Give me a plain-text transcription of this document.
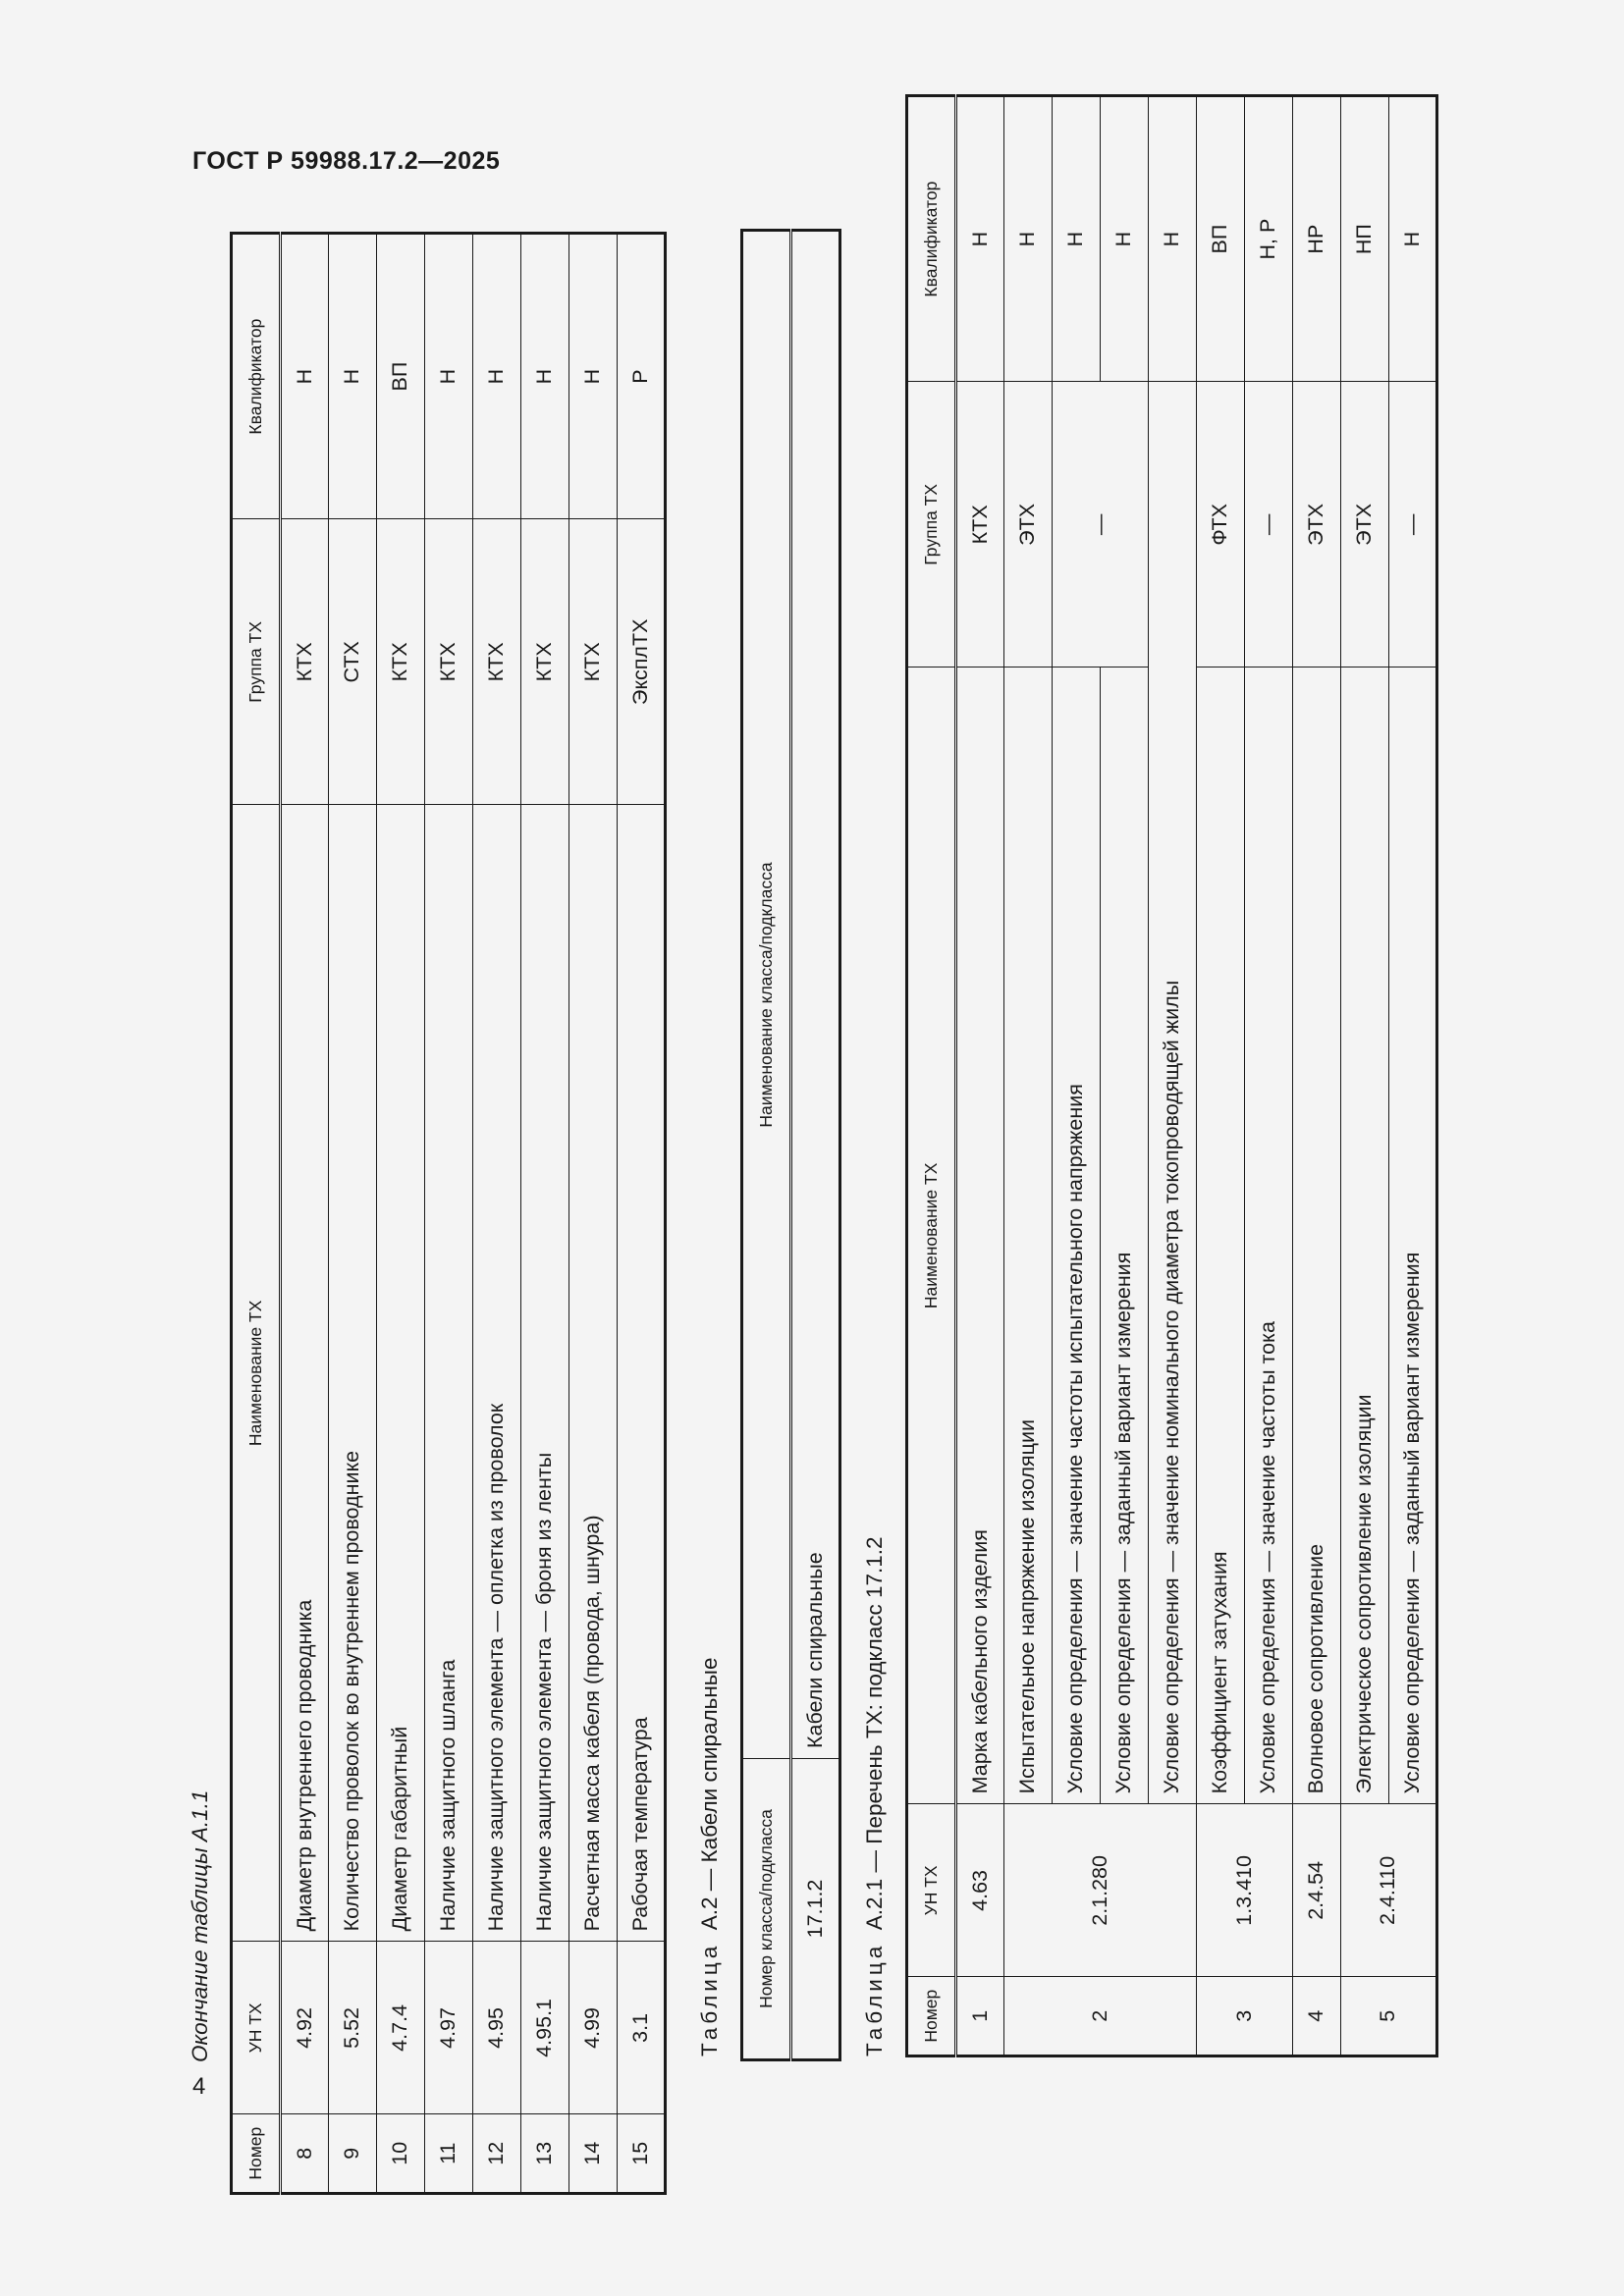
ГОСТ Р 59988.17.2—2025
4
Окончание таблицы А.1.1
Номер	УН ТХ	Наименование ТХ	Группа ТХ	Квалификатор
8	4.92	Диаметр внутреннего проводника	КТХ	Н
9	5.52	Количество проволок во внутреннем проводнике	СТХ	Н
10	4.7.4	Диаметр габаритный	КТХ	ВП
11	4.97	Наличие защитного шланга	КТХ	Н
12	4.95	Наличие защитного элемента — оплетка из проволок	КТХ	Н
13	4.95.1	Наличие защитного элемента — броня из ленты	КТХ	Н
14	4.99	Расчетная масса кабеля (провода, шнура)	КТХ	Н
15	3.1	Рабочая температура	ЭксплТХ	Р
Таблица  А.2 — Кабели спиральные Номер класса/подкласса	Наименование класса/подкласса
17.1.2	Кабели спиральные
Таблица  А.2.1 — Перечень ТХ: подкласс 17.1.2
Номер	УН ТХ	Наименование ТХ	Группа ТХ	Квалификатор
1	4.63	Марка кабельного изделия	КТХ	Н
2	2.1.280	Испытательное напряжение изоляции	ЭТХ	Н
		Условие определения — значение частоты испытательного напряжения	—	Н
		Условие определения — заданный вариант измерения		Н
		Условие определения — значение номинального диаметра токопроводящей жилы		Н
3	1.3.410	Коэффициент затухания	ФТХ	ВП
		Условие определения — значение частоты тока	—	Н, Р
4	2.4.54	Волновое сопротивление	ЭТХ	НР
5	2.4.110	Электрическое сопротивление изоляции	ЭТХ	НП
		Условие определения — заданный вариант измерения	—	Н
